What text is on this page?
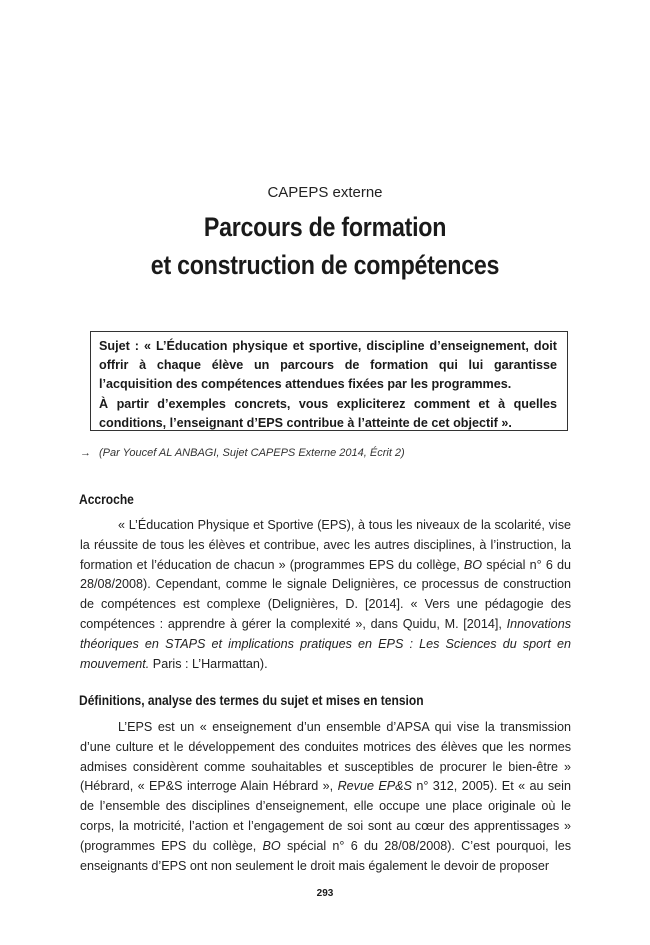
CAPEPS externe
Parcours de formation
et construction de compétences

Sujet : « L’Éducation physique et sportive, discipline d’enseignement, doit offrir à chaque élève un parcours de formation qui lui garantisse l’acquisition des compétences attendues fixées par les programmes.

À partir d’exemples concrets, vous expliciterez comment et à quelles conditions, l’enseignant d’EPS contribue à l’atteinte de cet objectif ».

→ (Par Youcef AL ANBAGI, Sujet CAPEPS Externe 2014, Écrit 2)
Accroche

« L’Éducation Physique et Sportive (EPS), à tous les niveaux de la scolarité, vise la réussite de tous les élèves et contribue, avec les autres disciplines, à l’instruction, la formation et l’éducation de chacun » (programmes EPS du collège, BO spécial n° 6 du 28/08/2008). Cependant, comme le signale Delignières, ce processus de construction de compétences est complexe (Delignières, D. [2014]. « Vers une pédagogie des compétences : apprendre à gérer la complexité », dans Quidu, M. [2014], Innovations théoriques en STAPS et implications pratiques en EPS : Les Sciences du sport en mouvement. Paris : L’Harmattan).

Définitions, analyse des termes du sujet et mises en tension

L’EPS est un « enseignement d’un ensemble d’APSA qui vise la transmission d’une culture et le développement des conduites motrices des élèves que les normes admises considèrent comme souhaitables et susceptibles de procurer le bien-être » (Hébrard, « EP&S interroge Alain Hébrard », Revue EP&S n° 312, 2005). Et « au sein de l’ensemble des disciplines d’enseignement, elle occupe une place originale où le corps, la motricité, l’action et l’engagement de soi sont au cœur des apprentissages » (programmes EPS du collège, BO spécial n° 6 du 28/08/2008). C’est pourquoi, les enseignants d’EPS ont non seulement le droit mais également le devoir de proposer

293
